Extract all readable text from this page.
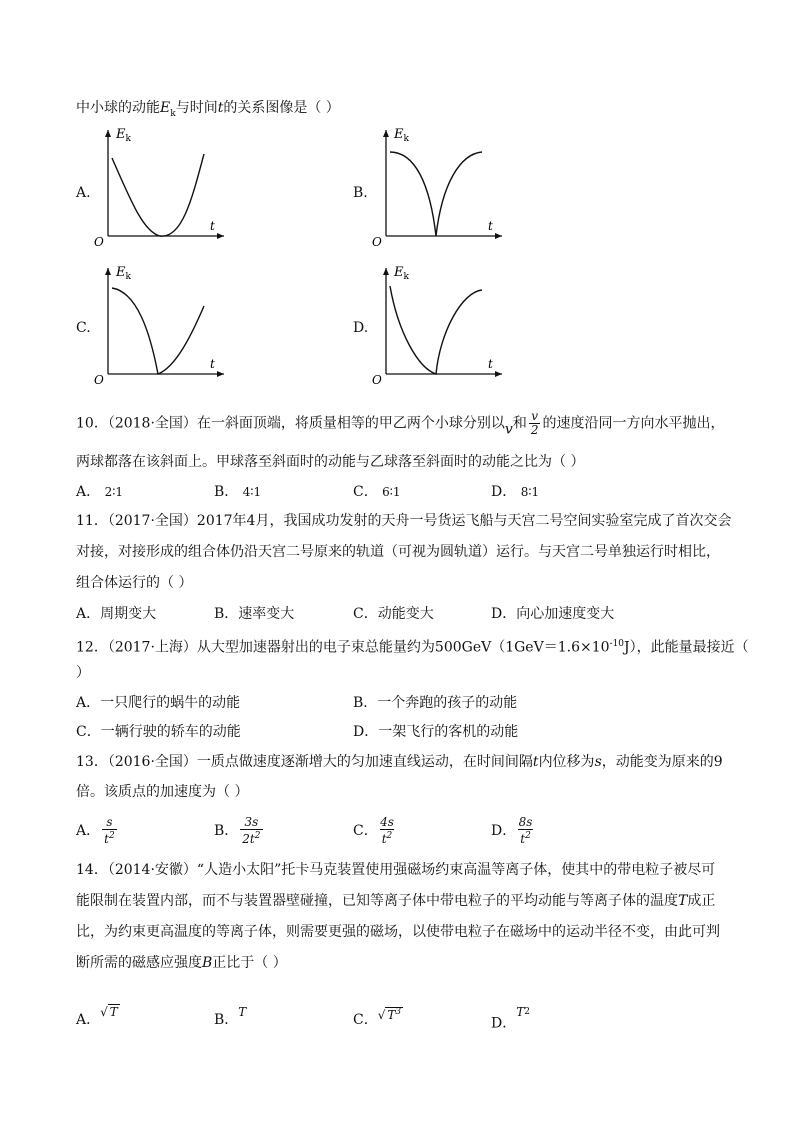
中小球的动能$E_k$与时间t的关系图像是（ ）
A.	B.
C.	D.
$E_k$
t
O
$E_k$
t
O
$E_k$
t
O
$E_k$
t
O
10．（2018·全国）在一斜面顶端，将质量相等的甲乙两个小球分别以v和 $\frac{v}{2}$ 的速度沿同一方向水平抛出，
两球都落在该斜面上。甲球落至斜面时的动能与乙球落至斜面时的动能之比为（ ）
A． 2∶1	B． 4∶1	C． 6∶1	D． 8∶1
11．（2017·全国）2017年4月，我国成功发射的天舟一号货运飞船与天宫二号空间实验室完成了首次交会
对接，对接形成的组合体仍沿天宫二号原来的轨道（可视为圆轨道）运行。与天宫二号单独运行时相比，
组合体运行的（ ）
A．周期变大	B．速率变大	C．动能变大	D．向心加速度变大
12．（2017·上海）从大型加速器射出的电子束总能量约为$500GeV(1GeV=1.6\times 10^{-10}J)$，此能量最接近（
）
A．一只爬行的蜗牛的动能	B．一个奔跑的孩子的动能
C．一辆行驶的轿车的动能	D．一架飞行的客机的动能
13．（2016·全国）一质点做速度逐渐增大的匀加速直线运动，在时间间隔t内位移为s，动能变为原来的9
倍。该质点的加速度为（ ）
A． $\frac{s}{t^2}$	B． $\frac{3s}{2t^2}$	C． $\frac{4s}{t^2}$	D． $\frac{8s}{t^2}$
14．（2014·安徽）“人造小太阳”托卡马克装置使用强磁场约束高温等离子体，使其中的带电粒子被尽可
能限制在装置内部，而不与装置器壁碰撞，已知等离子体中带电粒子的平均动能与等离子体的温度T成正
比，为约束更高温度的等离子体，则需要更强的磁场，以使带电粒子在磁场中的运动半径不变，由此可判
断所需的磁感应强度B正比于（ ）
A．√ T	B．T	C．√ $T^3$
D．$T^2$
